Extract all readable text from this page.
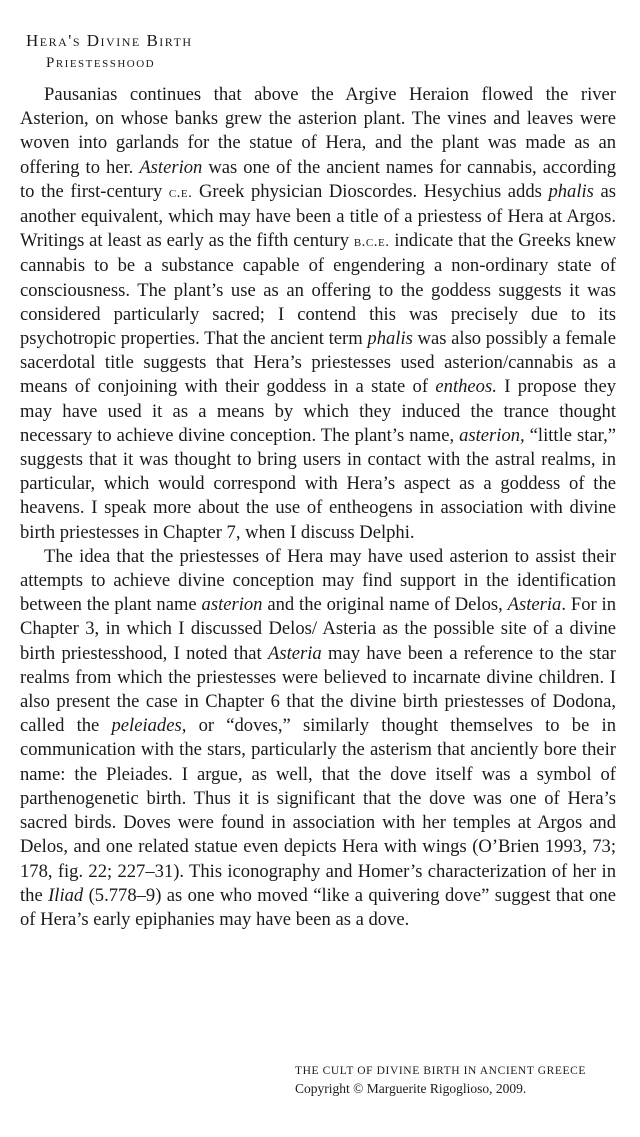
Hera's Divine Birth
Priestesshood

Pausanias continues that above the Argive Heraion flowed the river Asterion, on whose banks grew the asterion plant. The vines and leaves were woven into garlands for the statue of Hera, and the plant was made as an offering to her. Asterion was one of the ancient names for cannabis, according to the first-century c.e. Greek physician Dioscordes. Hesychius adds phalis as another equivalent, which may have been a title of a priestess of Hera at Argos. Writings at least as early as the fifth century b.c.e. indicate that the Greeks knew cannabis to be a substance capable of engendering a non-ordinary state of consciousness. The plant’s use as an offering to the goddess suggests it was considered particularly sacred; I contend this was precisely due to its psychotropic properties. That the ancient term phalis was also possibly a female sacerdotal title suggests that Hera’s priestesses used asterion/cannabis as a means of conjoining with their goddess in a state of entheos. I propose they may have used it as a means by which they induced the trance thought necessary to achieve divine conception. The plant’s name, asterion, “little star,” suggests that it was thought to bring users in contact with the astral realms, in particular, which would correspond with Hera’s aspect as a goddess of the heavens. I speak more about the use of entheogens in association with divine birth priestesses in Chapter 7, when I discuss Delphi.

The idea that the priestesses of Hera may have used asterion to assist their attempts to achieve divine conception may find support in the identification between the plant name asterion and the original name of Delos, Asteria. For in Chapter 3, in which I discussed Delos/ Asteria as the possible site of a divine birth priestesshood, I noted that Asteria may have been a reference to the star realms from which the priestesses were believed to incarnate divine children. I also present the case in Chapter 6 that the divine birth priestesses of Dodona, called the peleiades, or “doves,” similarly thought themselves to be in communication with the stars, particularly the asterism that anciently bore their name: the Pleiades. I argue, as well, that the dove itself was a symbol of parthenogenetic birth. Thus it is significant that the dove was one of Hera’s sacred birds. Doves were found in association with her temples at Argos and Delos, and one related statue even depicts Hera with wings (O’Brien 1993, 73; 178, fig. 22; 227–31). This iconography and Homer’s characterization of her in the Iliad (5.778–9) as one who moved “like a quivering dove” suggest that one of Hera’s early epiphanies may have been as a dove.

THE CULT OF DIVINE BIRTH IN ANCIENT GREECE
Copyright © Marguerite Rigoglioso, 2009.
